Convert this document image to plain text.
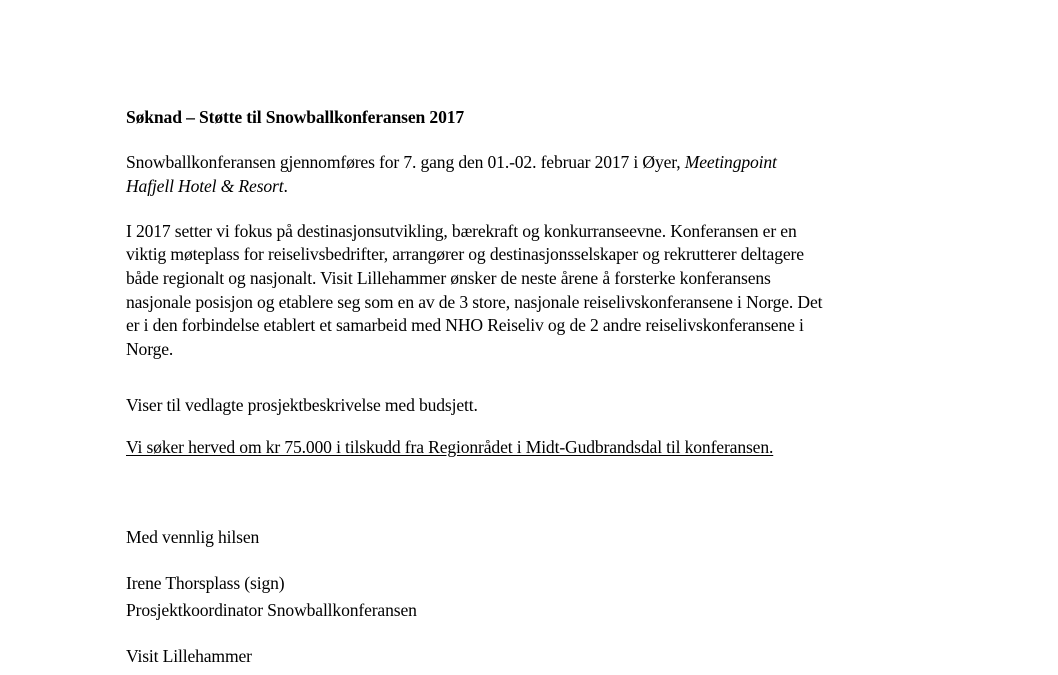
Søknad – Støtte til Snowballkonferansen 2017
Snowballkonferansen gjennomføres for 7. gang den 01.-02. februar 2017 i Øyer, Meetingpoint
Hafjell Hotel & Resort.
I 2017 setter vi fokus på destinasjonsutvikling, bærekraft og konkurranseevne. Konferansen er en
viktig møteplass for reiselivsbedrifter, arrangører og destinasjonsselskaper og rekrutterer deltagere
både regionalt og nasjonalt. Visit Lillehammer ønsker de neste årene å forsterke konferansens
nasjonale posisjon og etablere seg som en av de 3 store, nasjonale reiselivskonferansene i Norge. Det
er i den forbindelse etablert et samarbeid med NHO Reiseliv og de 2 andre reiselivskonferansene i
Norge.
Viser til vedlagte prosjektbeskrivelse med budsjett.
Vi søker herved om kr 75.000 i tilskudd fra Regionrådet i Midt-Gudbrandsdal til konferansen.
Med vennlig hilsen
Irene Thorsplass (sign)
Prosjektkoordinator Snowballkonferansen
Visit Lillehammer
